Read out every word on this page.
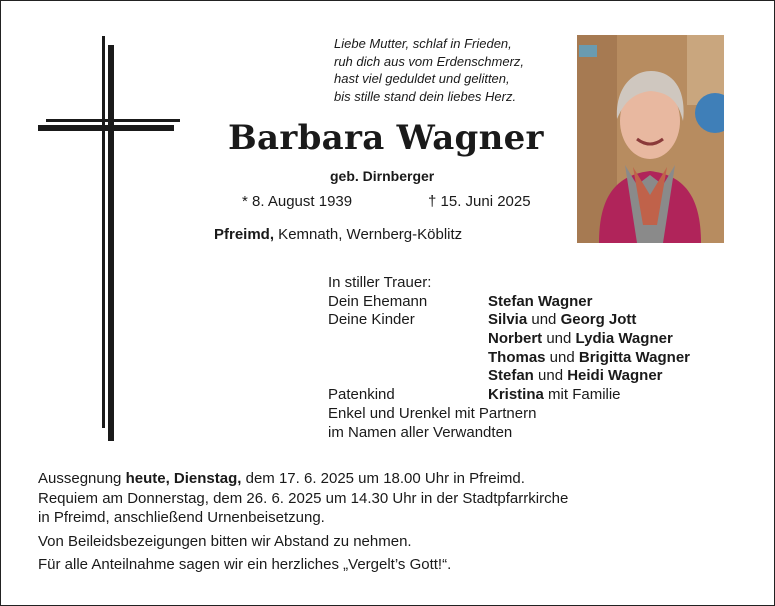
Liebe Mutter, schlaf in Frieden,
ruh dich aus vom Erdenschmerz,
hast viel geduldet und gelitten,
bis stille stand dein liebes Herz.
Barbara Wagner
geb. Dirnberger
* 8. August 1939	† 15. Juni 2025
Pfreimd, Kemnath, Wernberg-Köblitz
In stiller Trauer:
Dein Ehemann	Stefan Wagner
Deine Kinder	Silvia und Georg Jott
Norbert und Lydia Wagner
Thomas und Brigitta Wagner
Stefan und Heidi Wagner
Patenkind	Kristina mit Familie
Enkel und Urenkel mit Partnern
im Namen aller Verwandten

Aussegnung heute, Dienstag, dem 17. 6. 2025 um 18.00 Uhr in Pfreimd.

Requiem am Donnerstag, dem 26. 6. 2025 um 14.30 Uhr in der Stadtpfarrkirche

in Pfreimd, anschließend Urnenbeisetzung.

Von Beileidsbezeigungen bitten wir Abstand zu nehmen.

Für alle Anteilnahme sagen wir ein herzliches „Vergelt’s Gott!“.
